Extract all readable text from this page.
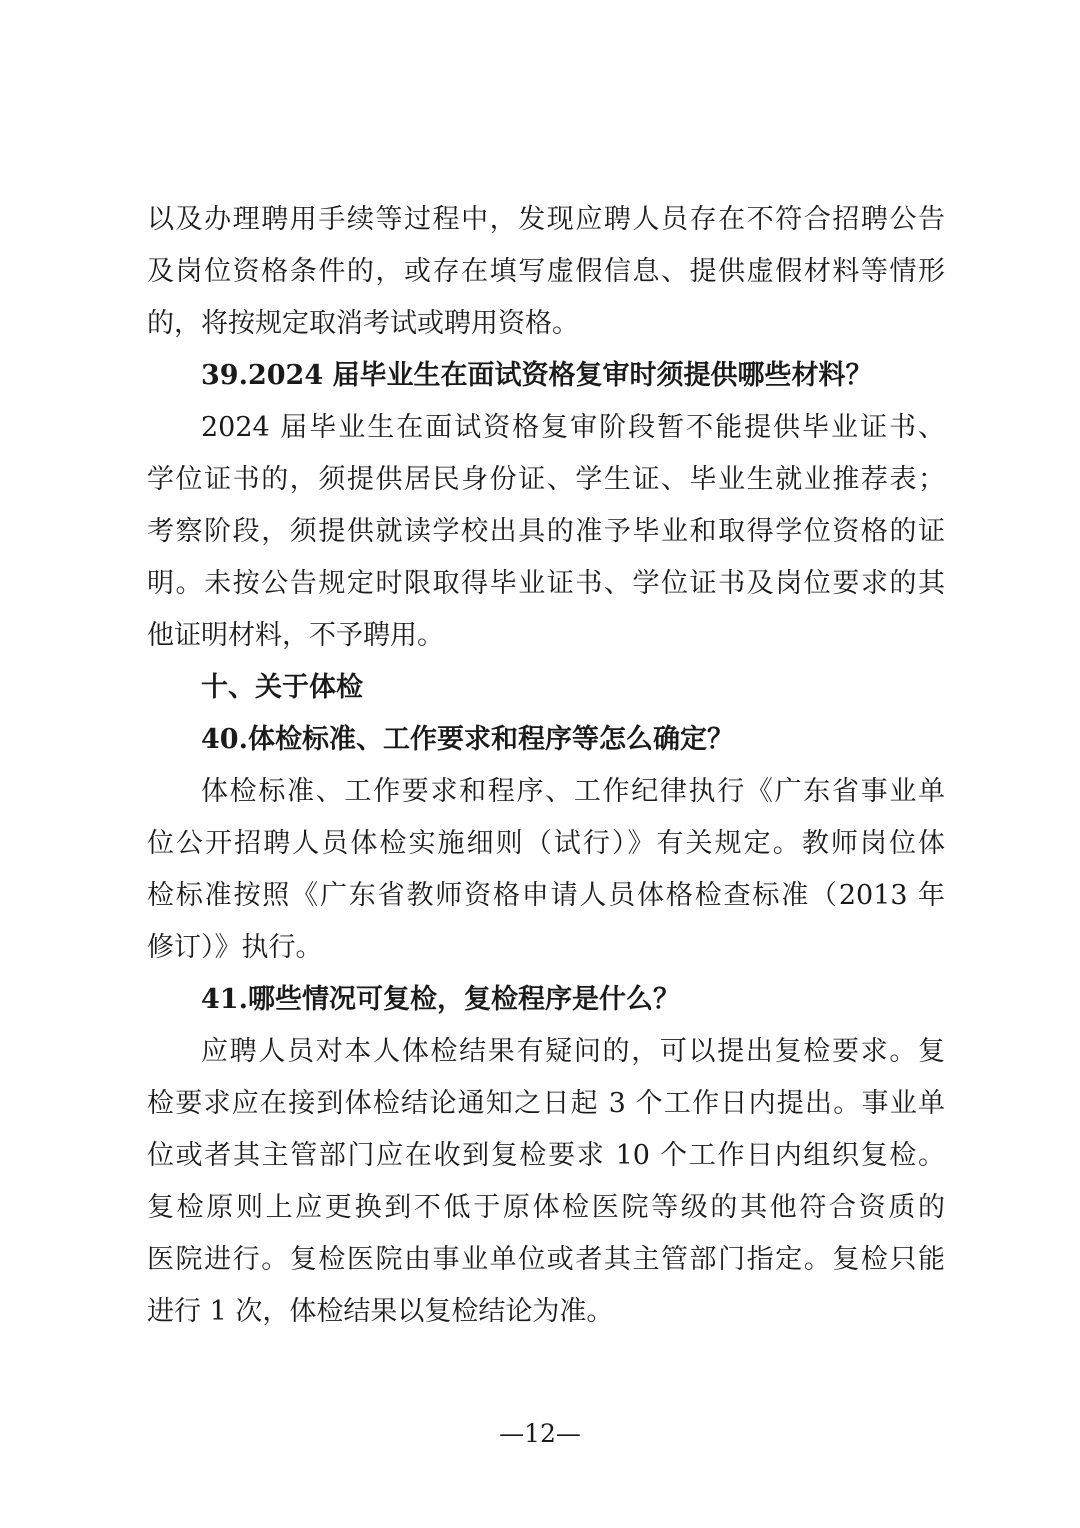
以及办理聘用手续等过程中，发现应聘人员存在不符合招聘公告
及岗位资格条件的，或存在填写虚假信息、提供虚假材料等情形
的，将按规定取消考试或聘用资格。
39.2024 届毕业生在面试资格复审时须提供哪些材料？
2024 届毕业生在面试资格复审阶段暂不能提供毕业证书、
学位证书的，须提供居民身份证、学生证、毕业生就业推荐表；
考察阶段，须提供就读学校出具的准予毕业和取得学位资格的证
明。未按公告规定时限取得毕业证书、学位证书及岗位要求的其
他证明材料，不予聘用。
十、关于体检
40.体检标准、工作要求和程序等怎么确定？
体检标准、工作要求和程序、工作纪律执行《广东省事业单
位公开招聘人员体检实施细则（试行）》有关规定。教师岗位体
检标准按照《广东省教师资格申请人员体格检查标准（2013 年
修订）》执行。
41.哪些情况可复检，复检程序是什么？
应聘人员对本人体检结果有疑问的，可以提出复检要求。复
检要求应在接到体检结论通知之日起 3 个工作日内提出。事业单
位或者其主管部门应在收到复检要求 10 个工作日内组织复检。
复检原则上应更换到不低于原体检医院等级的其他符合资质的
医院进行。复检医院由事业单位或者其主管部门指定。复检只能
进行 1 次，体检结果以复检结论为准。
—12—
